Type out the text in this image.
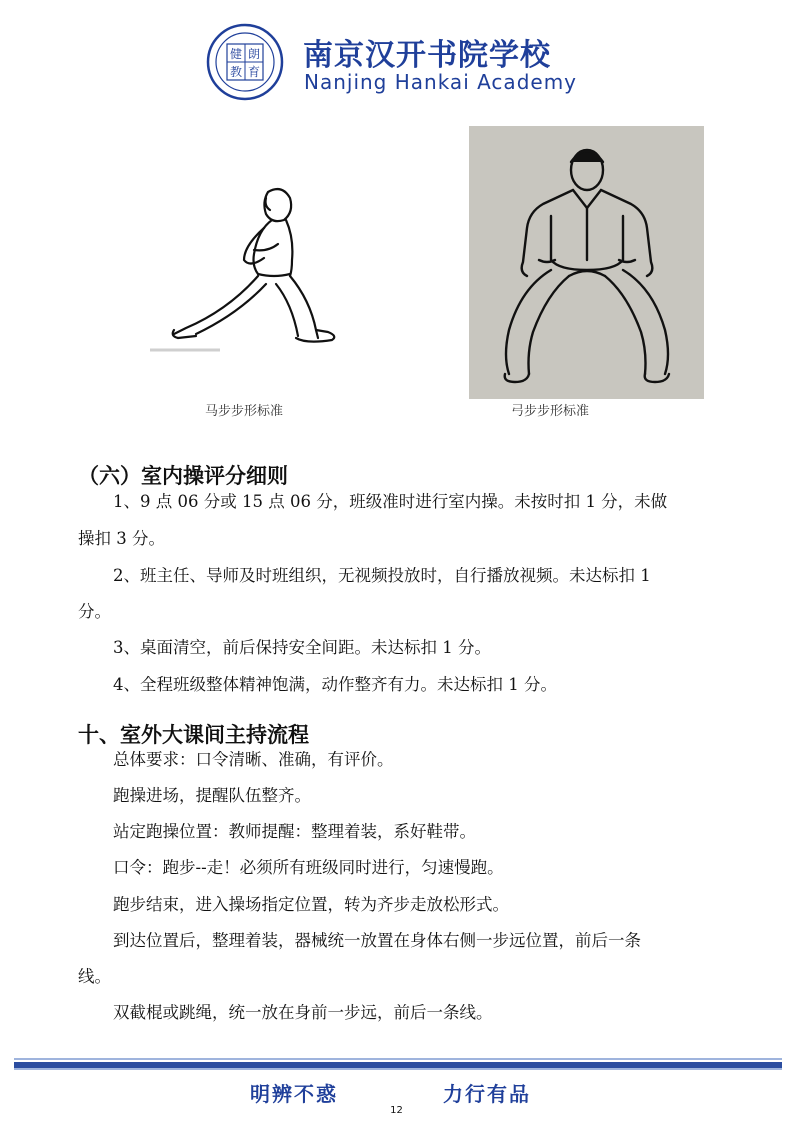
健 朗
教 育 南京汉开书院学校
Nanjing Hankai Academy
马步步形标准	弓步步形标准
（六）室内操评分细则
1、9 点 06 分或 15 点 06 分，班级准时进行室内操。未按时扣 1 分，未做
操扣 3 分。
2、班主任、导师及时班组织，无视频投放时，自行播放视频。未达标扣 1
分。
3、桌面清空，前后保持安全间距。未达标扣 1 分。
4、全程班级整体精神饱满，动作整齐有力。未达标扣 1 分。
十、室外大课间主持流程
总体要求：口令清晰、准确，有评价。
跑操进场，提醒队伍整齐。
站定跑操位置：教师提醒：整理着装，系好鞋带。
口令：跑步--走！必须所有班级同时进行，匀速慢跑。
跑步结束，进入操场指定位置，转为齐步走放松形式。
到达位置后，整理着装，器械统一放置在身体右侧一步远位置，前后一条
线。
双截棍或跳绳，统一放在身前一步远，前后一条线。
明辨不惑	力行有品
12
